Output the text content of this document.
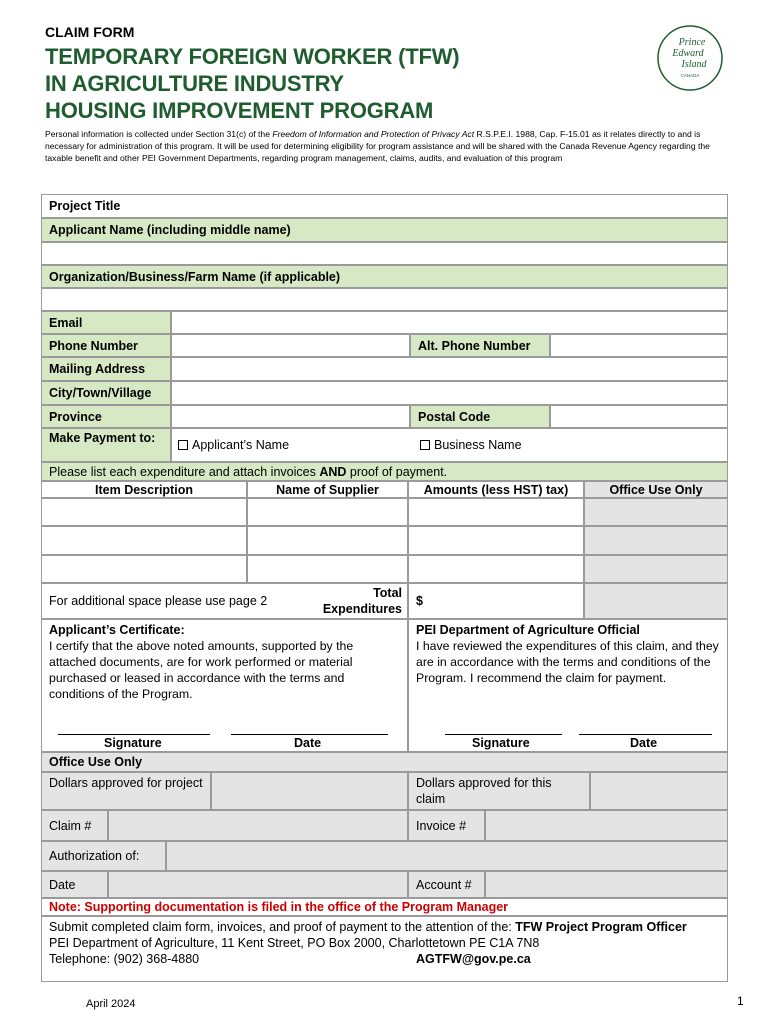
CLAIM FORM
TEMPORARY FOREIGN WORKER (TFW)
IN AGRICULTURE INDUSTRY
HOUSING IMPROVEMENT PROGRAM
Prince
Edward
Island
CANADA
Personal information is collected under Section 31(c) of the Freedom of Information and Protection of Privacy Act R.S.P.E.I. 1988, Cap. F-15.01 as it relates directly to and is necessary for administration of this program. It will be used for determining eligibility for program assistance and will be shared with the Canada Revenue Agency regarding the taxable benefit and other PEI Government Departments, regarding program management, claims, audits, and evaluation of this program
Project Title
Applicant Name (including middle name)
Organization/Business/Farm Name (if applicable)
Email
Phone Number	Alt. Phone Number
Mailing Address
City/Town/Village
Province	Postal Code
Make Payment to:	Applicant’s Name	Business Name
Please list each expenditure and attach invoices AND proof of payment.
Item Description	Name of Supplier	Amounts (less HST) tax)	Office Use Only
For additional space please use page 2
Total Expenditures
$
Applicant’s Certificate:
I certify that the above noted amounts, supported by the attached documents, are for work performed or material purchased or leased in accordance with the terms and conditions of the Program.
Signature	Date
PEI Department of Agriculture Official
I have reviewed the expenditures of this claim, and they are in accordance with the terms and conditions of the Program. I recommend the claim for payment.
Signature	Date
Office Use Only
Dollars approved for project	Dollars approved for this claim
Claim #	Invoice #
Authorization of:
Date	Account #
Note: Supporting documentation is filed in the office of the Program Manager
Submit completed claim form, invoices, and proof of payment to the attention of the: TFW Project Program Officer
PEI Department of Agriculture, 11 Kent Street, PO Box 2000, Charlottetown PE C1A 7N8
Telephone: (902) 368-4880	AGTFW@gov.pe.ca
April 2024	1
